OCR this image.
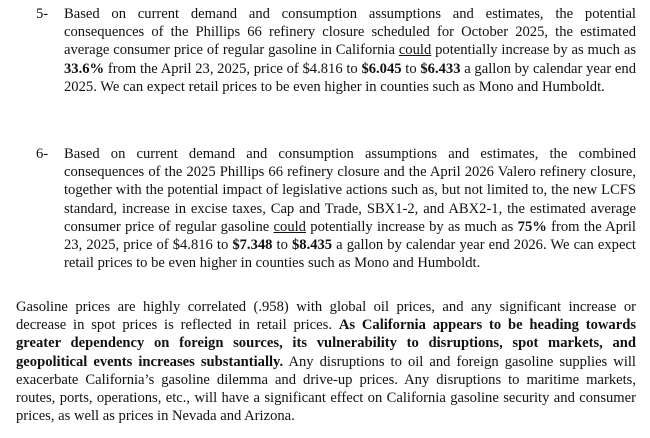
5-	Based on current demand and consumption assumptions and estimates, the potential consequences of the Phillips 66 refinery closure scheduled for October 2025, the estimated average consumer price of regular gasoline in California could potentially increase by as much as 33.6% from the April 23, 2025, price of $4.816 to $6.045 to $6.433 a gallon by calendar year end 2025. We can expect retail prices to be even higher in counties such as Mono and Humboldt.
6-	Based on current demand and consumption assumptions and estimates, the combined consequences of the 2025 Phillips 66 refinery closure and the April 2026 Valero refinery closure, together with the potential impact of legislative actions such as, but not limited to, the new LCFS standard, increase in excise taxes, Cap and Trade, SBX1-2, and ABX2-1, the estimated average consumer price of regular gasoline could potentially increase by as much as 75% from the April 23, 2025, price of $4.816 to $7.348 to $8.435 a gallon by calendar year end 2026. We can expect retail prices to be even higher in counties such as Mono and Humboldt.

Gasoline prices are highly correlated (.958) with global oil prices, and any significant increase or decrease in spot prices is reflected in retail prices. As California appears to be heading towards greater dependency on foreign sources, its vulnerability to disruptions, spot markets, and geopolitical events increases substantially. Any disruptions to oil and foreign gasoline supplies will exacerbate California’s gasoline dilemma and drive-up prices. Any disruptions to maritime markets, routes, ports, operations, etc., will have a significant effect on California gasoline security and consumer prices, as well as prices in Nevada and Arizona.
